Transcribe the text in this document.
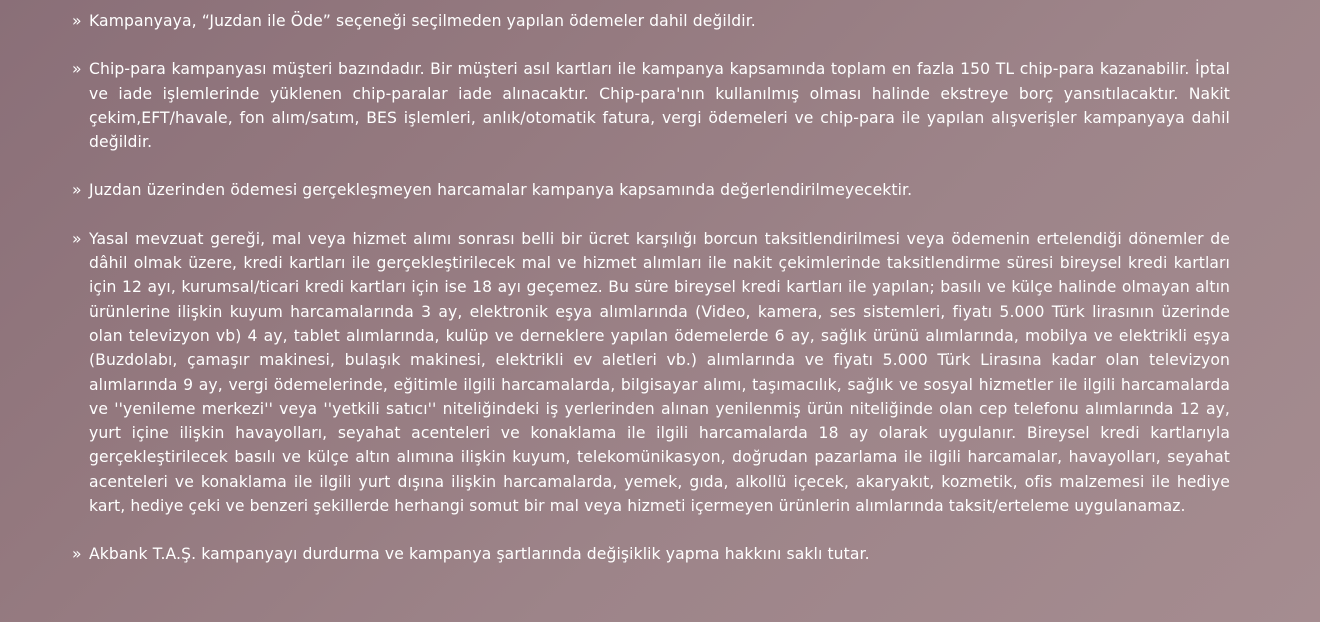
» Kampanyaya, “Juzdan ile Öde” seçeneği seçilmeden yapılan ödemeler dahil değildir.

» Chip-para kampanyası müşteri bazındadır. Bir müşteri asıl kartları ile kampanya kapsamında toplam en fazla 150 TL chip-para kazanabilir. İptal ve iade işlemlerinde yüklenen chip-paralar iade alınacaktır. Chip-para'nın kullanılmış olması halinde ekstreye borç yansıtılacaktır. Nakit çekim,EFT/havale, fon alım/satım, BES işlemleri, anlık/otomatik fatura, vergi ödemeleri ve chip-para ile yapılan alışverişler kampanyaya dahil değildir.

» Juzdan üzerinden ödemesi gerçekleşmeyen harcamalar kampanya kapsamında değerlendirilmeyecektir.

» Yasal mevzuat gereği, mal veya hizmet alımı sonrası belli bir ücret karşılığı borcun taksitlendirilmesi veya ödemenin ertelendiği dönemler de dâhil olmak üzere, kredi kartları ile gerçekleştirilecek mal ve hizmet alımları ile nakit çekimlerinde taksitlendirme süresi bireysel kredi kartları için 12 ayı, kurumsal/ticari kredi kartları için ise 18 ayı geçemez. Bu süre bireysel kredi kartları ile yapılan; basılı ve külçe halinde olmayan altın ürünlerine ilişkin kuyum harcamalarında 3 ay, elektronik eşya alımlarında (Video, kamera, ses sistemleri, fiyatı 5.000 Türk lirasının üzerinde olan televizyon vb) 4 ay, tablet alımlarında, kulüp ve derneklere yapılan ödemelerde 6 ay, sağlık ürünü alımlarında, mobilya ve elektrikli eşya (Buzdolabı, çamaşır makinesi, bulaşık makinesi, elektrikli ev aletleri vb.) alımlarında ve fiyatı 5.000 Türk Lirasına kadar olan televizyon alımlarında 9 ay, vergi ödemelerinde, eğitimle ilgili harcamalarda, bilgisayar alımı, taşımacılık, sağlık ve sosyal hizmetler ile ilgili harcamalarda ve ''yenileme merkezi'' veya ''yetkili satıcı'' niteliğindeki iş yerlerinden alınan yenilenmiş ürün niteliğinde olan cep telefonu alımlarında 12 ay, yurt içine ilişkin havayolları, seyahat acenteleri ve konaklama ile ilgili harcamalarda 18 ay olarak uygulanır. Bireysel kredi kartlarıyla gerçekleştirilecek basılı ve külçe altın alımına ilişkin kuyum, telekomünikasyon, doğrudan pazarlama ile ilgili harcamalar, havayolları, seyahat acenteleri ve konaklama ile ilgili yurt dışına ilişkin harcamalarda, yemek, gıda, alkollü içecek, akaryakıt, kozmetik, ofis malzemesi ile hediye kart, hediye çeki ve benzeri şekillerde herhangi somut bir mal veya hizmeti içermeyen ürünlerin alımlarında taksit/erteleme uygulanamaz.

» Akbank T.A.Ş. kampanyayı durdurma ve kampanya şartlarında değişiklik yapma hakkını saklı tutar.
